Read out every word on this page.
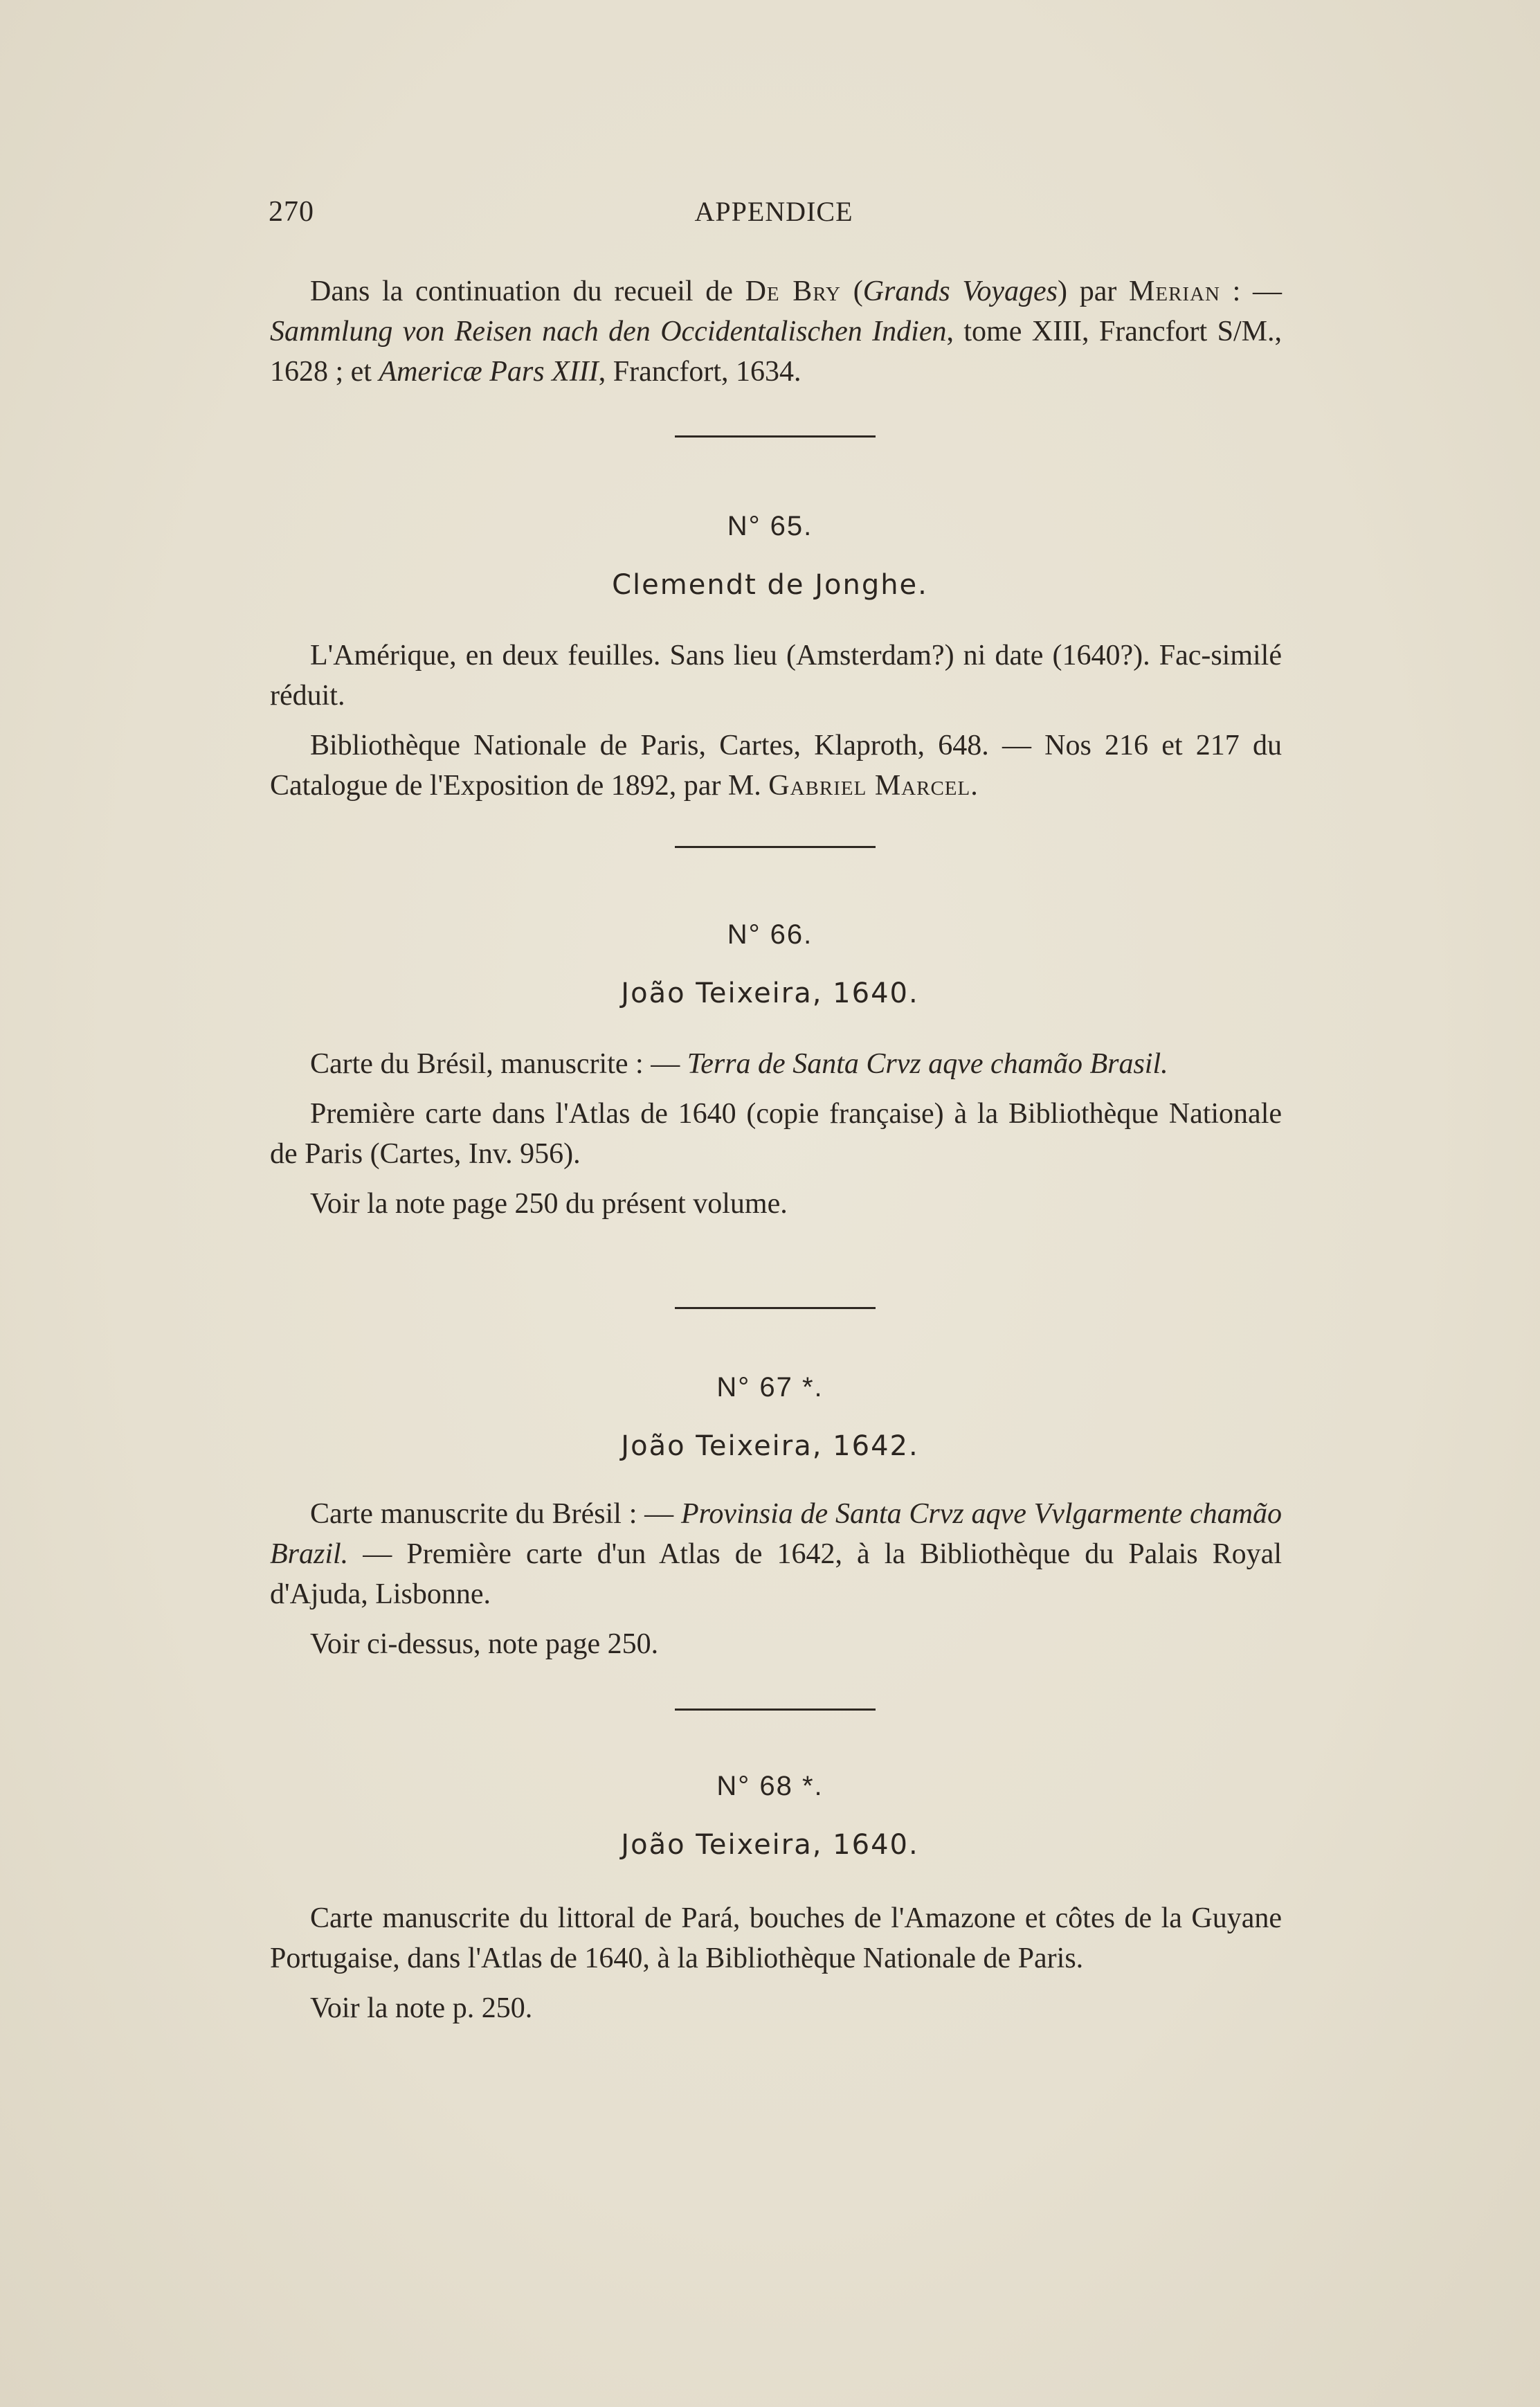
270	APPENDICE

Dans la continuation du recueil de De Bry (Grands Voyages) par Merian : — Sammlung von Reisen nach den Occidentalischen Indien, tome XIII, Francfort S/M., 1628 ; et Americæ Pars XIII, Francfort, 1634.

N° 65.
Clemendt de Jonghe.

L'Amérique, en deux feuilles. Sans lieu (Amsterdam?) ni date (1640?). Fac-similé réduit.

Bibliothèque Nationale de Paris, Cartes, Klaproth, 648. — Nos 216 et 217 du Catalogue de l'Exposition de 1892, par M. Gabriel Marcel.

N° 66.
João Teixeira, 1640.

Carte du Brésil, manuscrite : — Terra de Santa Crvz aqve chamão Brasil.

Première carte dans l'Atlas de 1640 (copie française) à la Bibliothèque Nationale de Paris (Cartes, Inv. 956).

Voir la note page 250 du présent volume.

N° 67 *.
João Teixeira, 1642.

Carte manuscrite du Brésil : — Provinsia de Santa Crvz aqve Vvlgarmente chamão Brazil. — Première carte d'un Atlas de 1642, à la Bibliothèque du Palais Royal d'Ajuda, Lisbonne.

Voir ci-dessus, note page 250.

N° 68 *.
João Teixeira, 1640.

Carte manuscrite du littoral de Pará, bouches de l'Amazone et côtes de la Guyane Portugaise, dans l'Atlas de 1640, à la Bibliothèque Nationale de Paris.

Voir la note p. 250.
